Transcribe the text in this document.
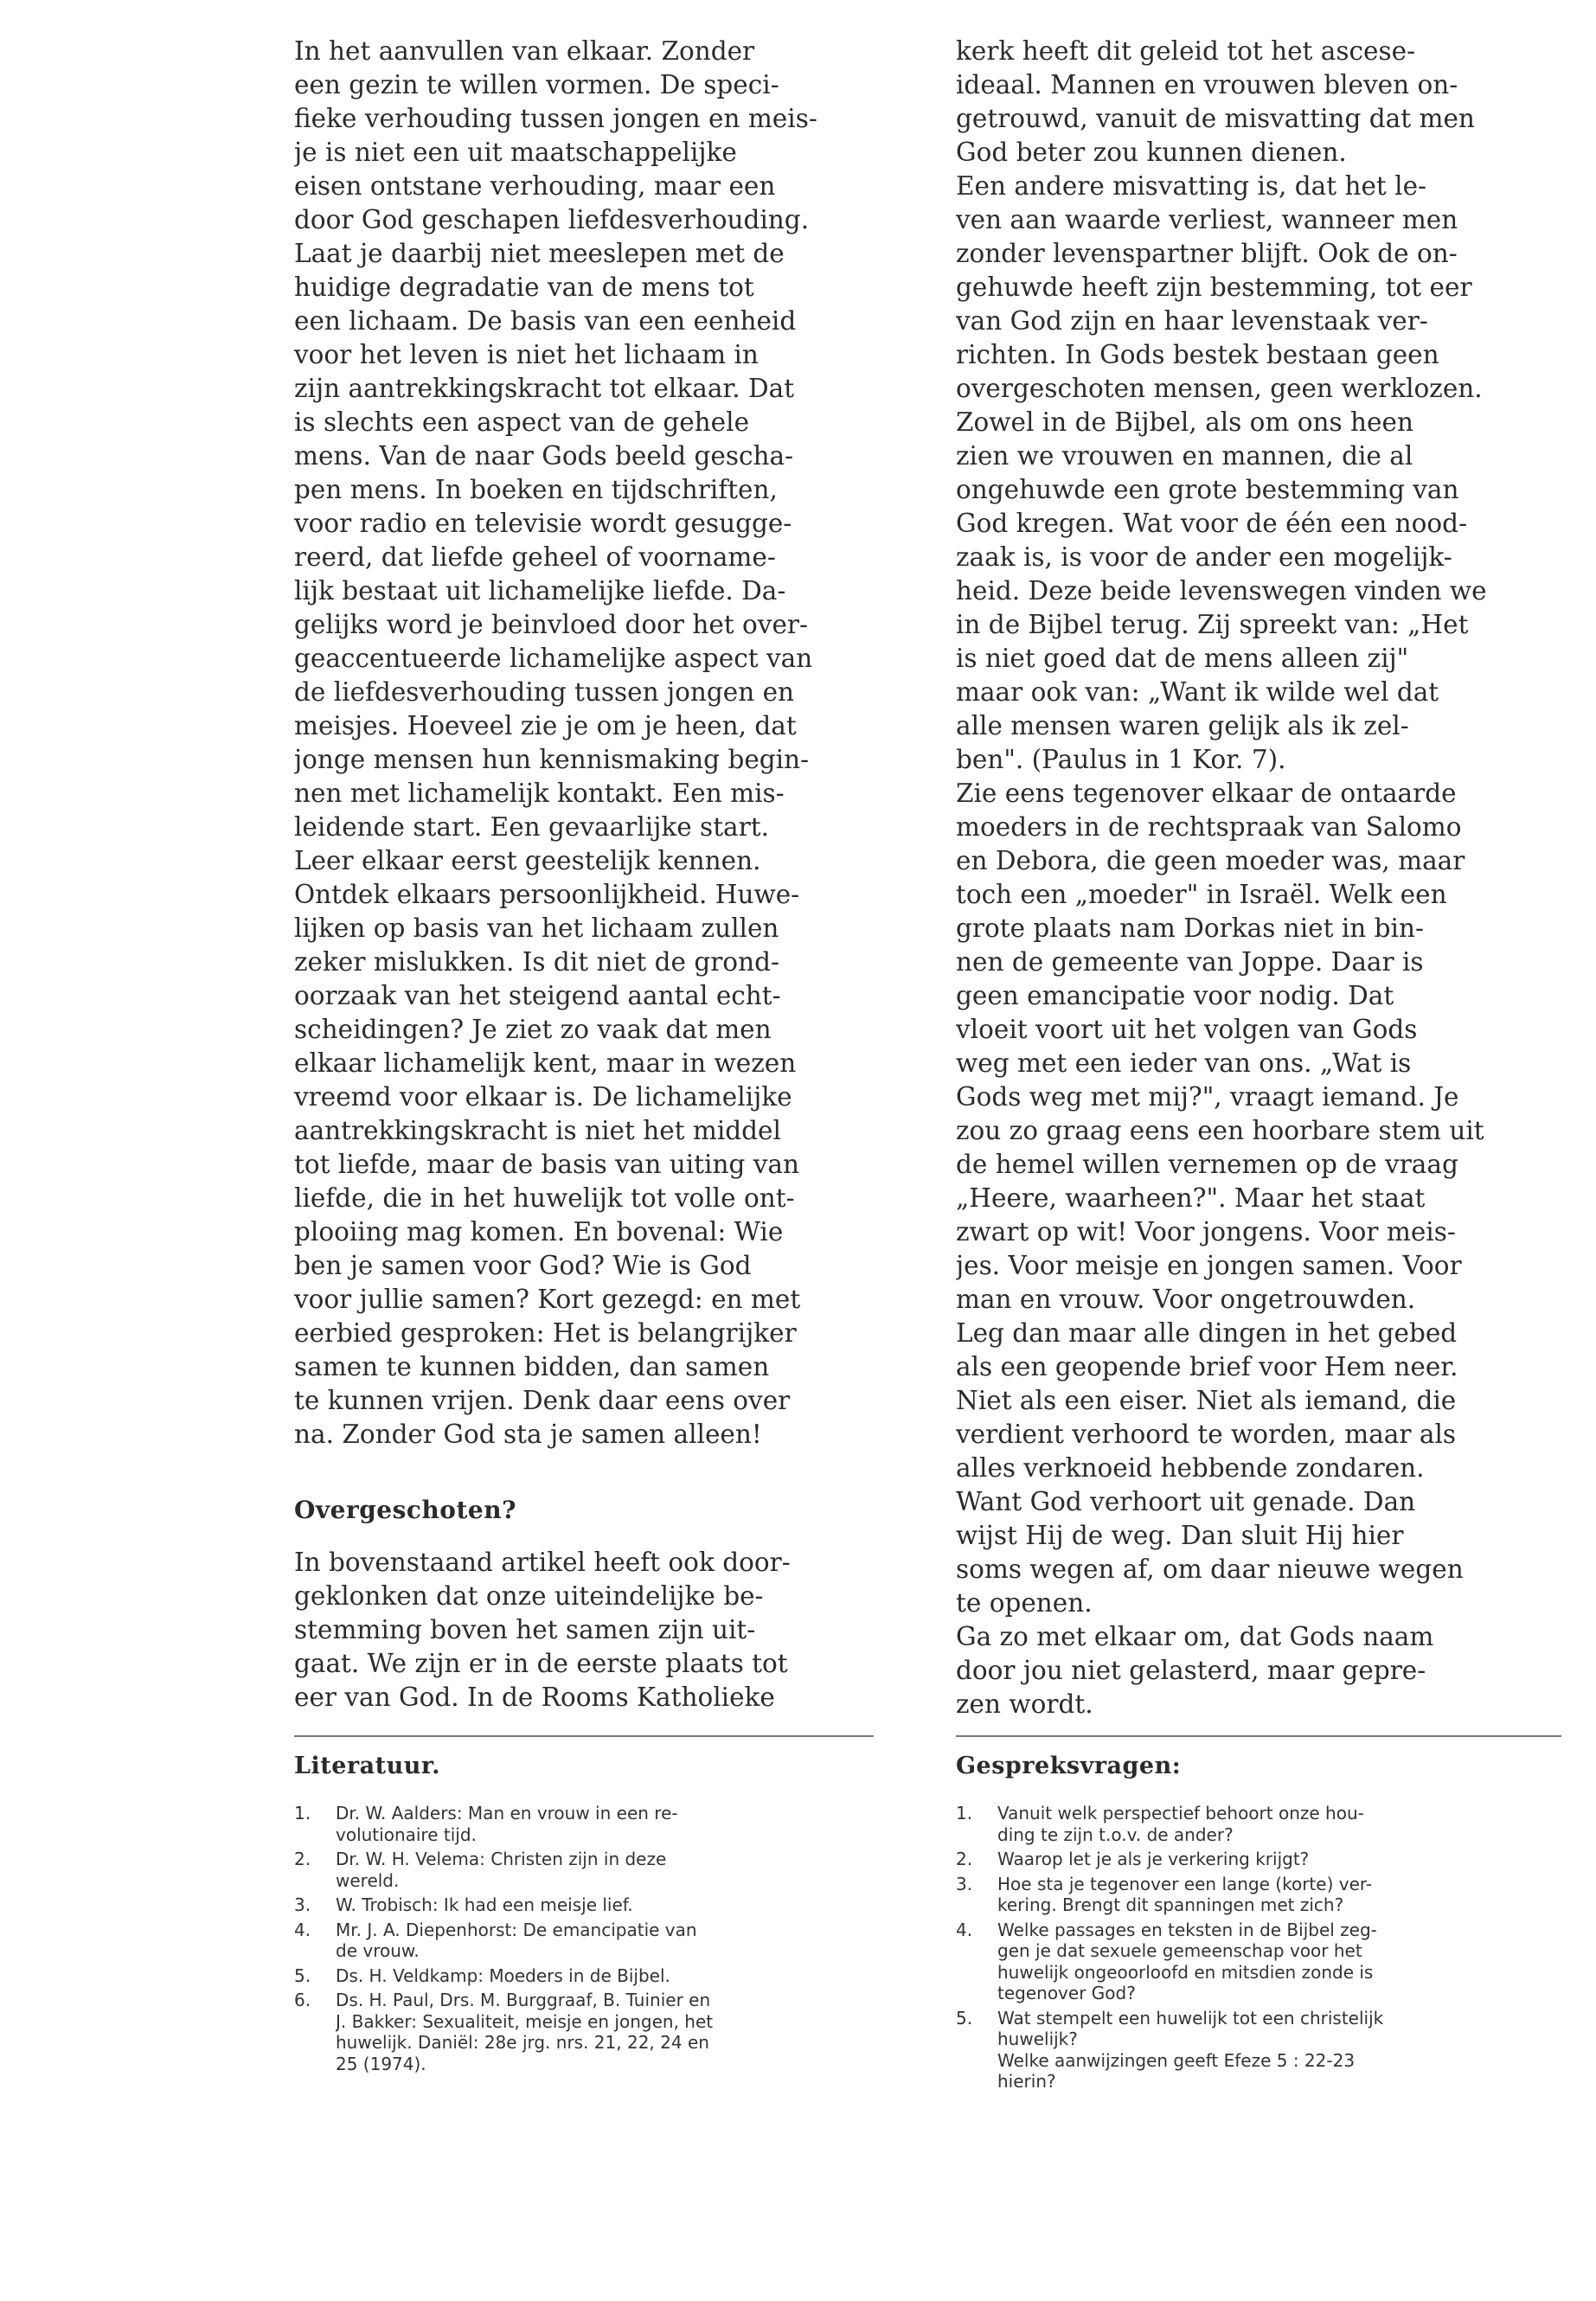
In het aanvullen van elkaar. Zonder
een gezin te willen vormen. De speci-
fieke verhouding tussen jongen en meis-
je is niet een uit maatschappelijke
eisen ontstane verhouding, maar een
door God geschapen liefdesverhouding.
Laat je daarbij niet meeslepen met de
huidige degradatie van de mens tot
een lichaam. De basis van een eenheid
voor het leven is niet het lichaam in
zijn aantrekkingskracht tot elkaar. Dat
is slechts een aspect van de gehele
mens. Van de naar Gods beeld gescha-
pen mens. In boeken en tijdschriften,
voor radio en televisie wordt gesugge-
reerd, dat liefde geheel of voorname-
lijk bestaat uit lichamelijke liefde. Da-
gelijks word je beinvloed door het over-
geaccentueerde lichamelijke aspect van
de liefdesverhouding tussen jongen en
meisjes. Hoeveel zie je om je heen, dat
jonge mensen hun kennismaking begin-
nen met lichamelijk kontakt. Een mis-
leidende start. Een gevaarlijke start.
Leer elkaar eerst geestelijk kennen.
Ontdek elkaars persoonlijkheid. Huwe-
lijken op basis van het lichaam zullen
zeker mislukken. Is dit niet de grond-
oorzaak van het steigend aantal echt-
scheidingen? Je ziet zo vaak dat men
elkaar lichamelijk kent, maar in wezen
vreemd voor elkaar is. De lichamelijke
aantrekkingskracht is niet het middel
tot liefde, maar de basis van uiting van
liefde, die in het huwelijk tot volle ont-
plooiing mag komen. En bovenal: Wie
ben je samen voor God? Wie is God
voor jullie samen? Kort gezegd: en met
eerbied gesproken: Het is belangrijker
samen te kunnen bidden, dan samen
te kunnen vrijen. Denk daar eens over
na. Zonder God sta je samen alleen!
Overgeschoten?
In bovenstaand artikel heeft ook door-
geklonken dat onze uiteindelijke be-
stemming boven het samen zijn uit-
gaat. We zijn er in de eerste plaats tot
eer van God. In de Rooms Katholieke
kerk heeft dit geleid tot het ascese-
ideaal. Mannen en vrouwen bleven on-
getrouwd, vanuit de misvatting dat men
God beter zou kunnen dienen.
Een andere misvatting is, dat het le-
ven aan waarde verliest, wanneer men
zonder levenspartner blijft. Ook de on-
gehuwde heeft zijn bestemming, tot eer
van God zijn en haar levenstaak ver-
richten. In Gods bestek bestaan geen
overgeschoten mensen, geen werklozen.
Zowel in de Bijbel, als om ons heen
zien we vrouwen en mannen, die al
ongehuwde een grote bestemming van
God kregen. Wat voor de één een nood-
zaak is, is voor de ander een mogelijk-
heid. Deze beide levenswegen vinden we
in de Bijbel terug. Zij spreekt van: „Het
is niet goed dat de mens alleen zij"
maar ook van: „Want ik wilde wel dat
alle mensen waren gelijk als ik zel-
ben". (Paulus in 1 Kor. 7).
Zie eens tegenover elkaar de ontaarde
moeders in de rechtspraak van Salomo
en Debora, die geen moeder was, maar
toch een „moeder" in Israël. Welk een
grote plaats nam Dorkas niet in bin-
nen de gemeente van Joppe. Daar is
geen emancipatie voor nodig. Dat
vloeit voort uit het volgen van Gods
weg met een ieder van ons. „Wat is
Gods weg met mij?", vraagt iemand. Je
zou zo graag eens een hoorbare stem uit
de hemel willen vernemen op de vraag
„Heere, waarheen?". Maar het staat
zwart op wit! Voor jongens. Voor meis-
jes. Voor meisje en jongen samen. Voor
man en vrouw. Voor ongetrouwden.
Leg dan maar alle dingen in het gebed
als een geopende brief voor Hem neer.
Niet als een eiser. Niet als iemand, die
verdient verhoord te worden, maar als
alles verknoeid hebbende zondaren.
Want God verhoort uit genade. Dan
wijst Hij de weg. Dan sluit Hij hier
soms wegen af, om daar nieuwe wegen
te openen.
Ga zo met elkaar om, dat Gods naam
door jou niet gelasterd, maar gepre-
zen wordt.
Literatuur.	Gespreksvragen:
1. Dr. W. Aalders: Man en vrouw in een re-
volutionaire tijd.
2. Dr. W. H. Velema: Christen zijn in deze
wereld.
3. W. Trobisch: Ik had een meisje lief.
4. Mr. J. A. Diepenhorst: De emancipatie van
de vrouw.
5. Ds. H. Veldkamp: Moeders in de Bijbel.
6. Ds. H. Paul, Drs. M. Burggraaf, B. Tuinier en
J. Bakker: Sexualiteit, meisje en jongen, het
huwelijk. Daniël: 28e jrg. nrs. 21, 22, 24 en
25 (1974).
1. Vanuit welk perspectief behoort onze hou-
ding te zijn t.o.v. de ander?
2. Waarop let je als je verkering krijgt?
3. Hoe sta je tegenover een lange (korte) ver-
kering. Brengt dit spanningen met zich?
4. Welke passages en teksten in de Bijbel zeg-
gen je dat sexuele gemeenschap voor het
huwelijk ongeoorloofd en mitsdien zonde is
tegenover God?
5. Wat stempelt een huwelijk tot een christelijk
huwelijk?
Welke aanwijzingen geeft Efeze 5 : 22-23
hierin?
